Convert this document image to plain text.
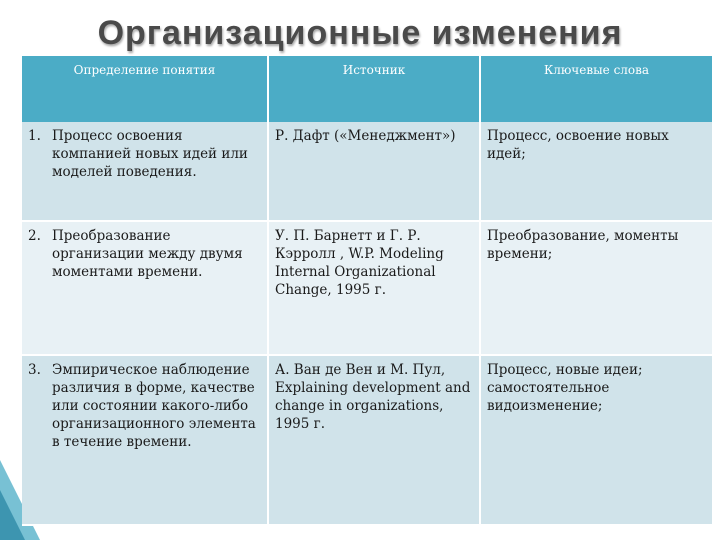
Организационные изменения
Определение понятия	Источник	Ключевые слова

1. Процесс освоения компанией новых идей или моделей поведения.	Р. Дафт («Менеджмент»)	Процесс, освоение новых идей;

2. Преобразование организации между двумя моментами времени.	У. П. Барнетт и Г. Р. Кэрролл , W.P. Modeling Internal Organizational Change, 1995 г.	Преобразование, моменты времени;

3. Эмпирическое наблюдение различия в форме, качестве или состоянии какого-либо организационного элемента в течение времени.	А. Ван де Вен и М. Пул, Explaining development and change in organizations, 1995 г.	Процесс, новые идеи; самостоятельное видоизменение;
